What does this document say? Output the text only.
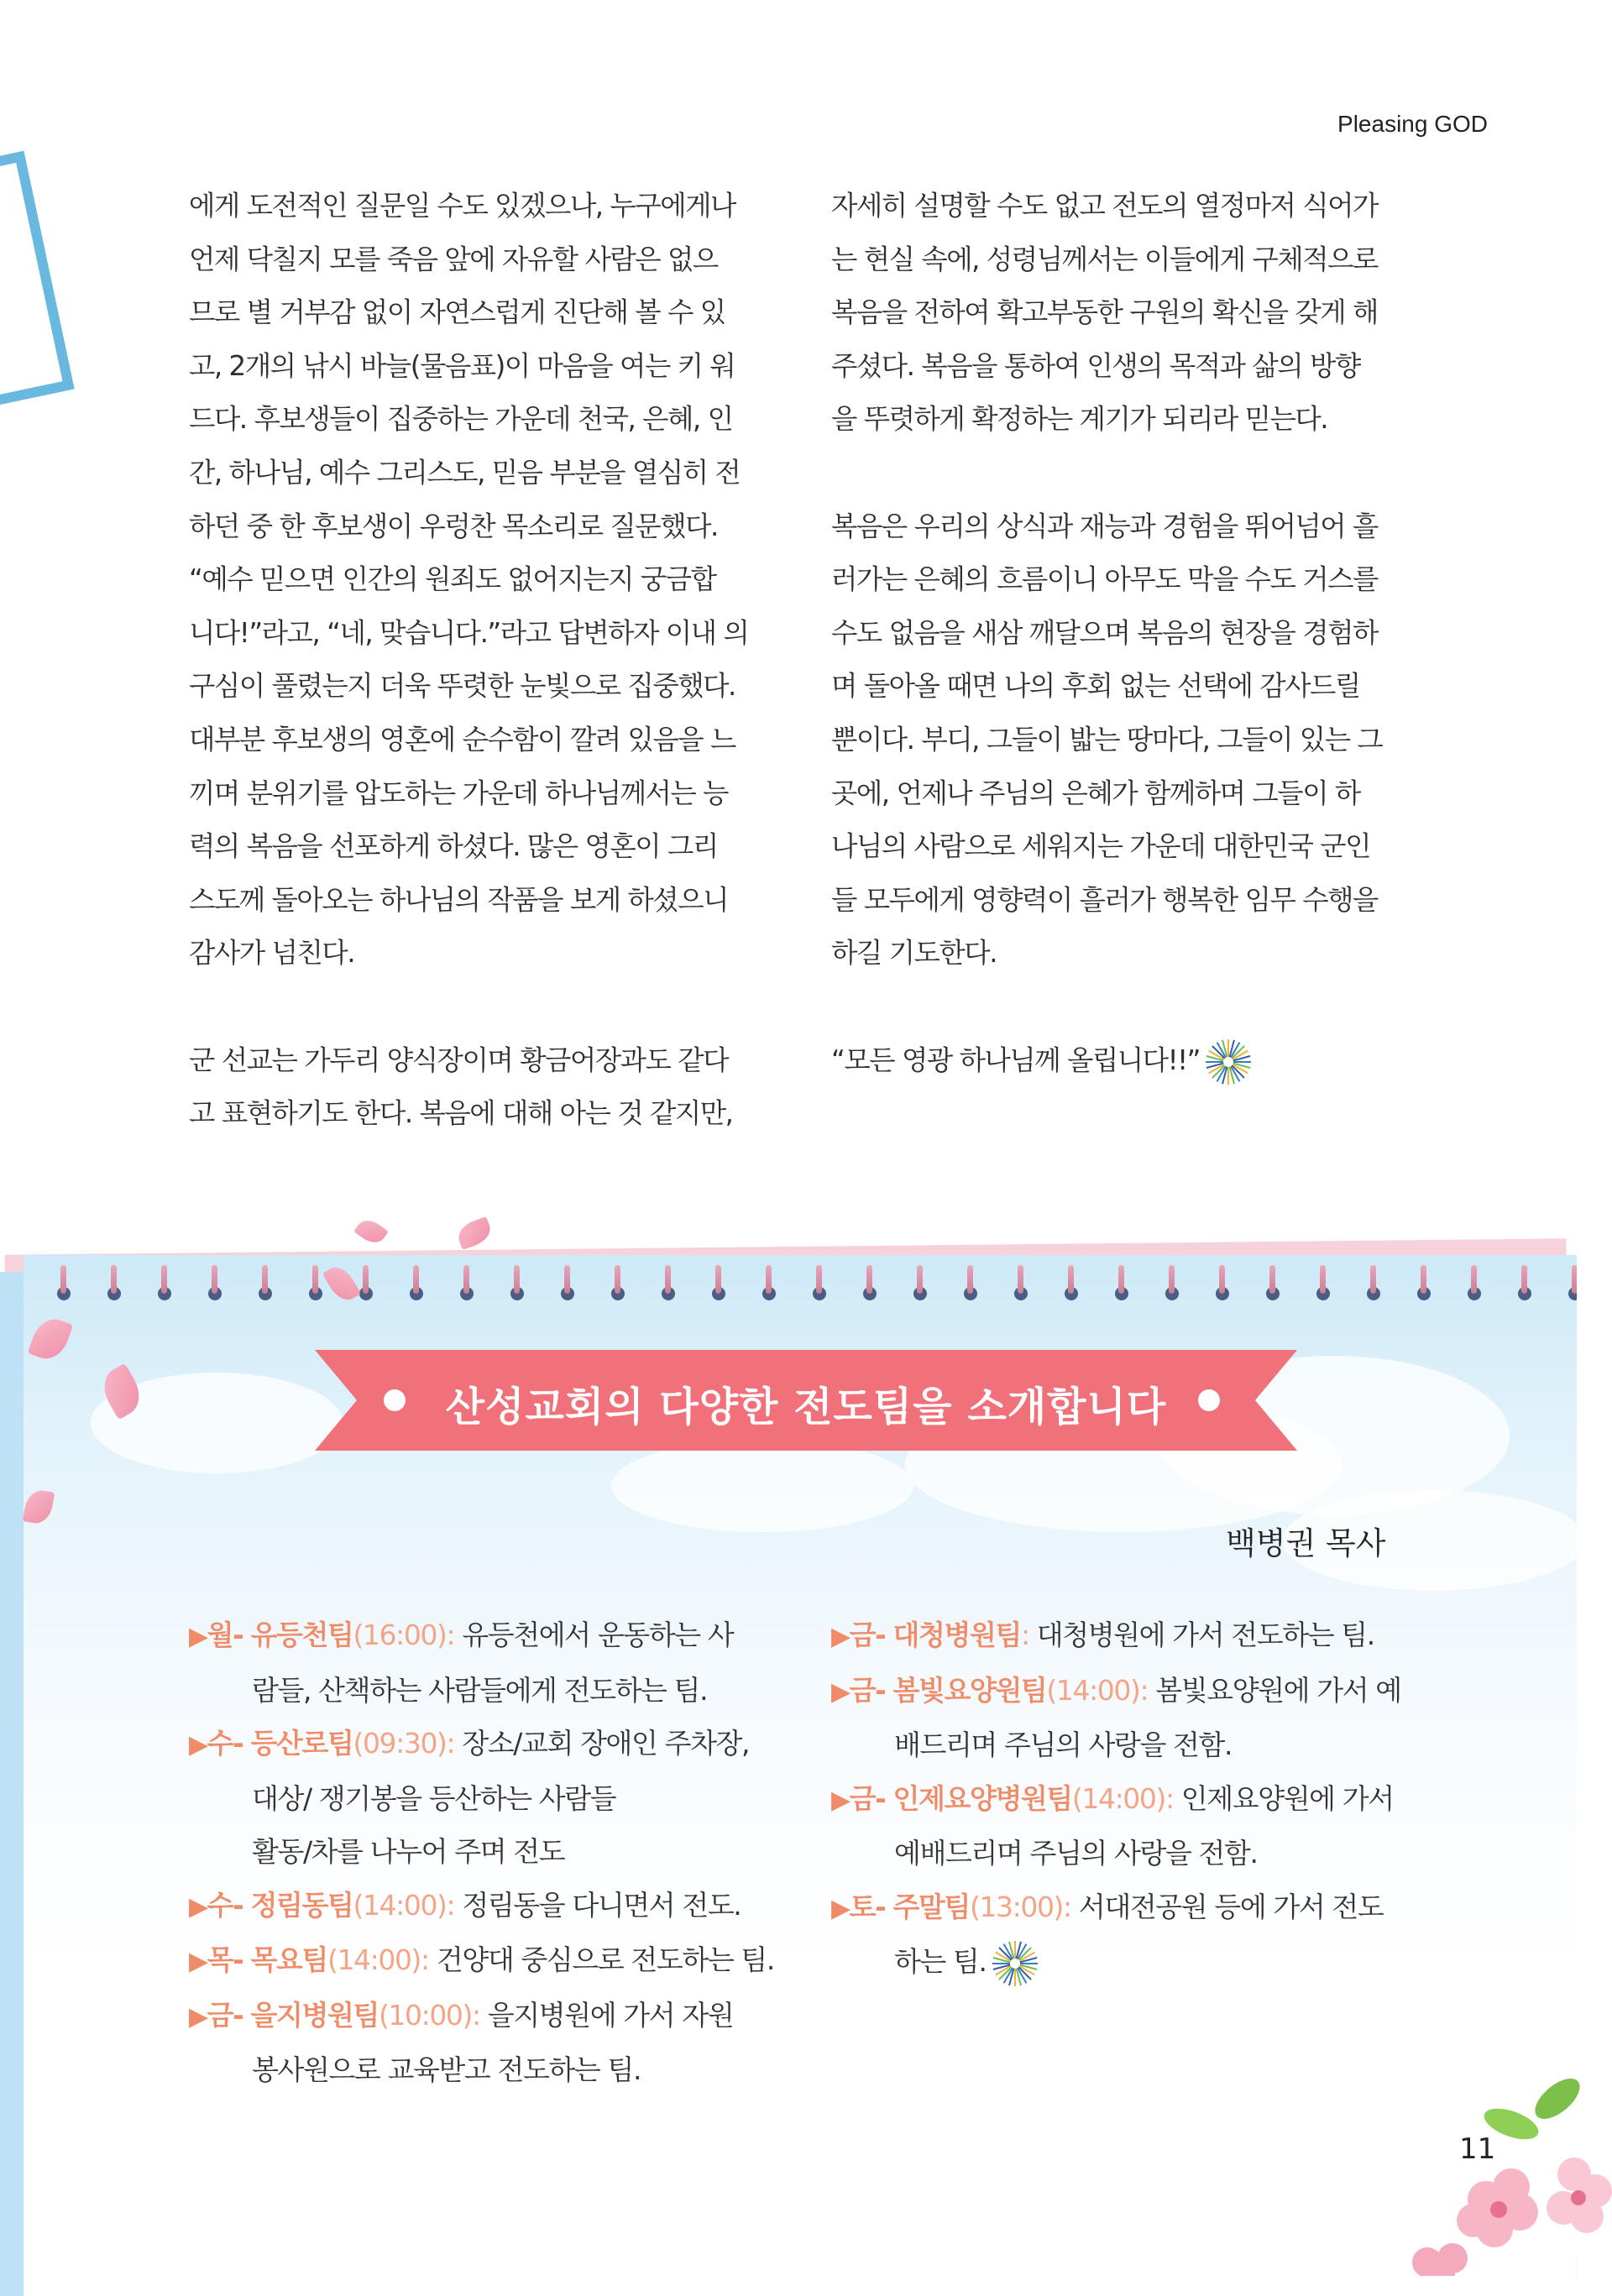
Pleasing GOD

에게 도전적인 질문일 수도 있겠으나, 누구에게나

언제 닥칠지 모를 죽음 앞에 자유할 사람은 없으

므로 별 거부감 없이 자연스럽게 진단해 볼 수 있

고, 2개의 낚시 바늘(물음표)이 마음을 여는 키 워

드다. 후보생들이 집중하는 가운데 천국, 은혜, 인

간, 하나님, 예수 그리스도, 믿음 부분을 열심히 전

하던 중 한 후보생이 우렁찬 목소리로 질문했다.

“예수 믿으면 인간의 원죄도 없어지는지 궁금합

니다!”라고, “네, 맞습니다.”라고 답변하자 이내 의

구심이 풀렸는지 더욱 뚜렷한 눈빛으로 집중했다.

대부분 후보생의 영혼에 순수함이 깔려 있음을 느

끼며 분위기를 압도하는 가운데 하나님께서는 능

력의 복음을 선포하게 하셨다. 많은 영혼이 그리

스도께 돌아오는 하나님의 작품을 보게 하셨으니

감사가 넘친다.

군 선교는 가두리 양식장이며 황금어장과도 같다

고 표현하기도 한다. 복음에 대해 아는 것 같지만,

자세히 설명할 수도 없고 전도의 열정마저 식어가

는 현실 속에, 성령님께서는 이들에게 구체적으로

복음을 전하여 확고부동한 구원의 확신을 갖게 해

주셨다. 복음을 통하여 인생의 목적과 삶의 방향

을 뚜렷하게 확정하는 계기가 되리라 믿는다.

복음은 우리의 상식과 재능과 경험을 뛰어넘어 흘

러가는 은혜의 흐름이니 아무도 막을 수도 거스를

수도 없음을 새삼 깨달으며 복음의 현장을 경험하

며 돌아올 때면 나의 후회 없는 선택에 감사드릴

뿐이다. 부디, 그들이 밟는 땅마다, 그들이 있는 그

곳에, 언제나 주님의 은혜가 함께하며 그들이 하

나님의 사람으로 세워지는 가운데 대한민국 군인

들 모두에게 영향력이 흘러가 행복한 임무 수행을

하길 기도한다.

“모든 영광 하나님께 올립니다!!”

산성교회의 다양한 전도팀을 소개합니다
백병권 목사
▶월- 유등천팀(16:00): 유등천에서 운동하는 사
람들, 산책하는 사람들에게 전도하는 팀.
▶수- 등산로팀(09:30): 장소/교회 장애인 주차장,
대상/ 쟁기봉을 등산하는 사람들
활동/차를 나누어 주며 전도
▶수- 정림동팀(14:00): 정림동을 다니면서 전도.
▶목- 목요팀(14:00): 건양대 중심으로 전도하는 팀.
▶금- 을지병원팀(10:00): 을지병원에 가서 자원
봉사원으로 교육받고 전도하는 팀.
▶금- 대청병원팀: 대청병원에 가서 전도하는 팀.
▶금- 봄빛요양원팀(14:00): 봄빛요양원에 가서 예
배드리며 주님의 사랑을 전함.
▶금- 인제요양병원팀(14:00): 인제요양원에 가서
예배드리며 주님의 사랑을 전함.
▶토- 주말팀(13:00): 서대전공원 등에 가서 전도
하는 팀.
11
